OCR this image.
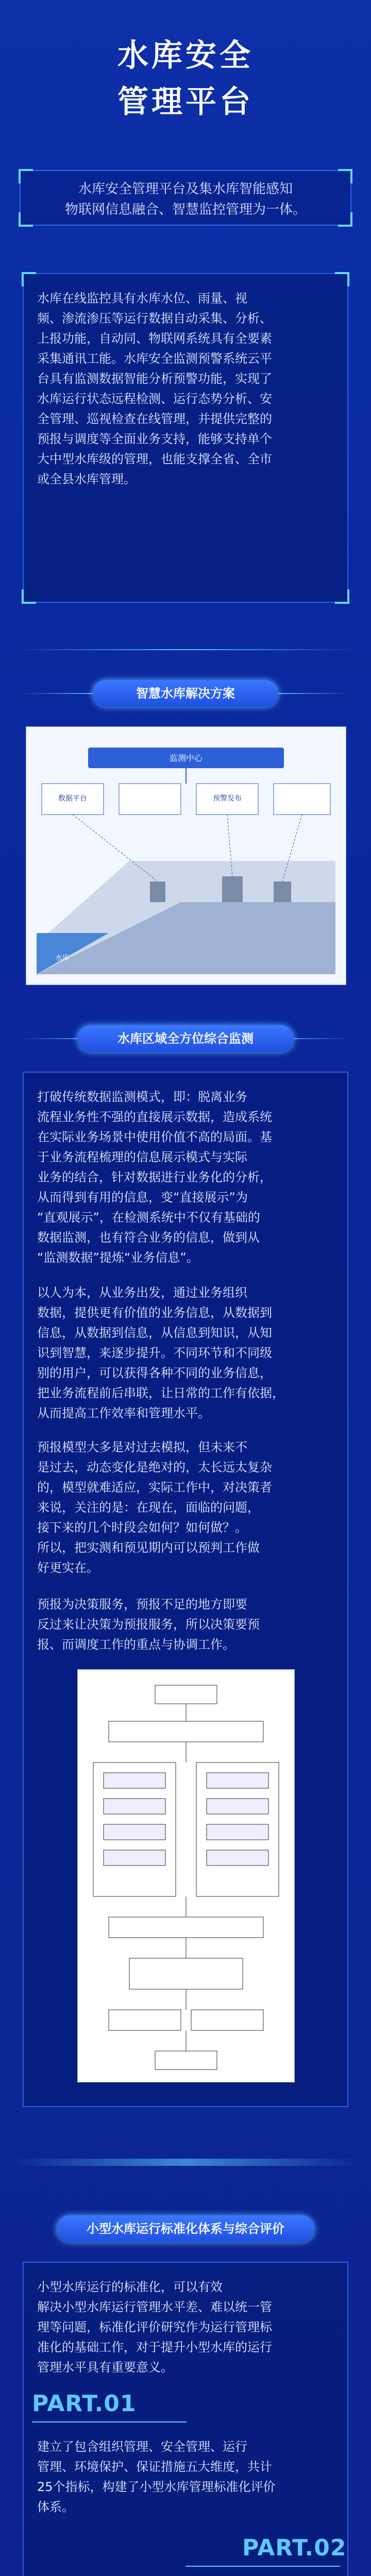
水库安全
管理平台
水库安全管理平台及集水库智能感知
物联网信息融合、智慧监控管理为一体。
水库在线监控具有水库水位、雨量、视
频、渗流渗压等运行数据自动采集、分析、
上报功能，自动同、物联网系统具有全要素
采集通讯工能。水库安全监测预警系统云平
台具有监测数据智能分析预警功能，实现了
水库运行状态远程检测、运行态势分析、安
全管理、巡视检查在线管理，并提供完整的
预报与调度等全面业务支持，能够支持单个
大中型水库级的管理，也能支撑全省、全市
或全县水库管理。
智慧水库解决方案
监测中心
数据平台	预警发布
水库
水库区域全方位综合监测
打破传统数据监测模式，即：脱离业务
流程业务性不强的直接展示数据，造成系统
在实际业务场景中使用价值不高的局面。基
于业务流程梳理的信息展示模式与实际
业务的结合，针对数据进行业务化的分析，
从而得到有用的信息，变“直接展示”为
“直观展示”，在检测系统中不仅有基础的
数据监测，也有符合业务的信息，做到从
“监测数据”提炼“业务信息”。
以人为本，从业务出发，通过业务组织
数据，提供更有价值的业务信息，从数据到
信息，从数据到信息，从信息到知识，从知
识到智慧，来逐步提升。不同环节和不同级
别的用户，可以获得各种不同的业务信息，
把业务流程前后串联，让日常的工作有依据，
从而提高工作效率和管理水平。
预报模型大多是对过去模拟，但未来不
是过去，动态变化是绝对的，太长远太复杂
的，模型就难适应，实际工作中，对决策者
来说，关注的是：在现在，面临的问题，
接下来的几个时段会如何？如何做？。
所以，把实测和预见期内可以预判工作做
好更实在。
预报为决策服务，预报不足的地方即要
反过来让决策为预报服务，所以决策要预
报、而调度工作的重点与协调工作。
小型水库运行标准化体系与综合评价
小型水库运行的标准化，可以有效
解决小型水库运行管理水平差、难以统一管
理等问题，标准化评价研究作为运行管理标
准化的基础工作，对于提升小型水库的运行
管理水平具有重要意义。
PART.01
建立了包含组织管理、安全管理、运行
管理、环境保护、保证措施五大维度，共计
25个指标，构建了小型水库管理标准化评价
体系。
PART.02
